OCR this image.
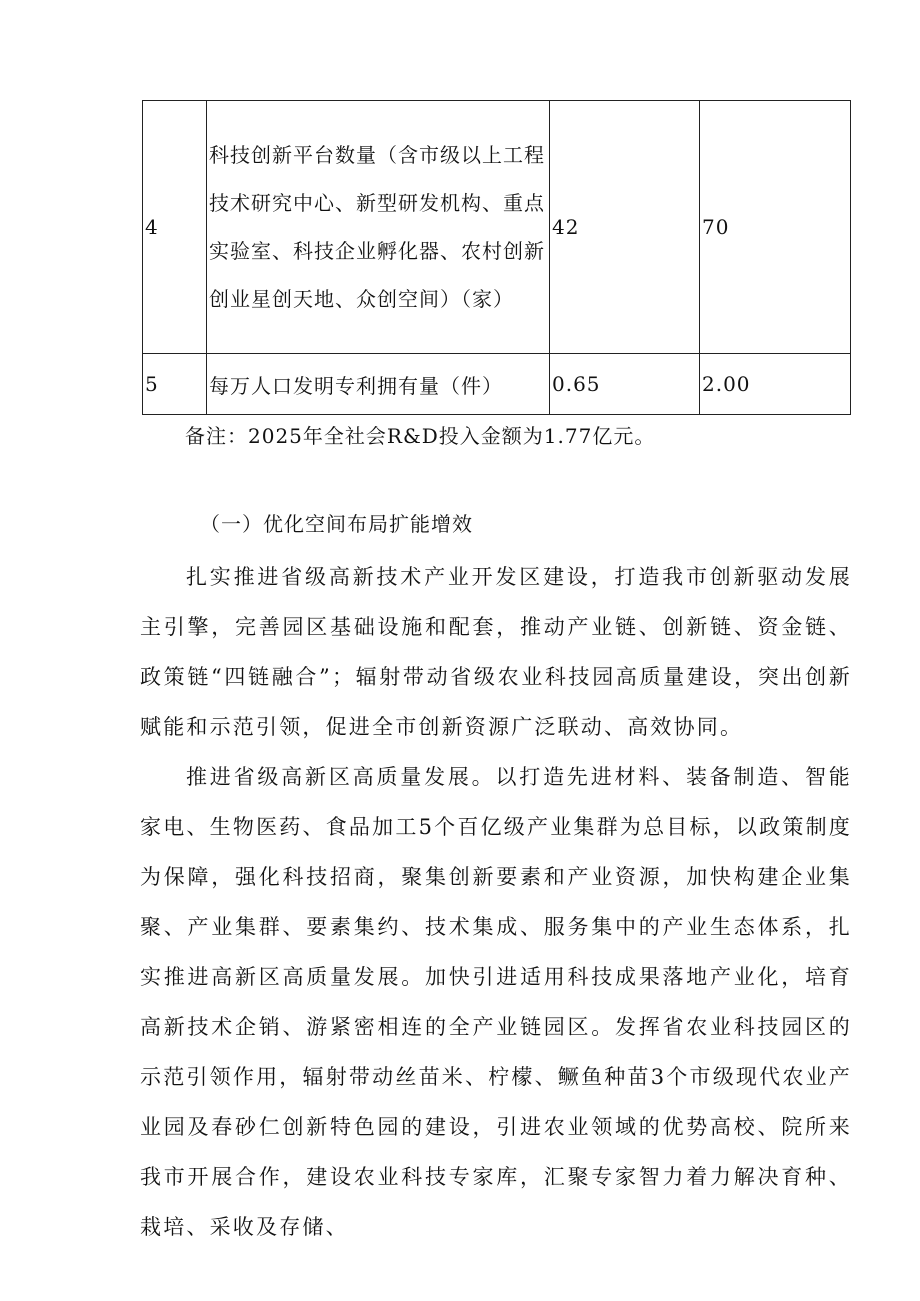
4	科技创新平台数量（含市级以上工程技术研究中心、新型研发机构、重点实验室、科技企业孵化器、农村创新创业星创天地、众创空间）（家）	42	70
5	每万人口发明专利拥有量（件）	0.65	2.00
备注：2025年全社会R&D投入金额为1.77亿元。
（一）优化空间布局扩能增效

扎实推进省级高新技术产业开发区建设，打造我市创新驱动发展主引擎，完善园区基础设施和配套，推动产业链、创新链、资金链、政策链“四链融合”；辐射带动省级农业科技园高质量建设，突出创新赋能和示范引领，促进全市创新资源广泛联动、高效协同。

推进省级高新区高质量发展。以打造先进材料、装备制造、智能家电、生物医药、食品加工5个百亿级产业集群为总目标，以政策制度为保障，强化科技招商，聚集创新要素和产业资源，加快构建企业集聚、产业集群、要素集约、技术集成、服务集中的产业生态体系，扎实推进高新区高质量发展。加快引进适用科技成果落地产业化，培育高新技术企销、游紧密相连的全产业链园区。发挥省农业科技园区的示范引领作用，辐射带动丝苗米、柠檬、鳜鱼种苗3个市级现代农业产业园及春砂仁创新特色园的建设，引进农业领域的优势高校、院所来我市开展合作，建设农业科技专家库，汇聚专家智力着力解决育种、栽培、采收及存储、
